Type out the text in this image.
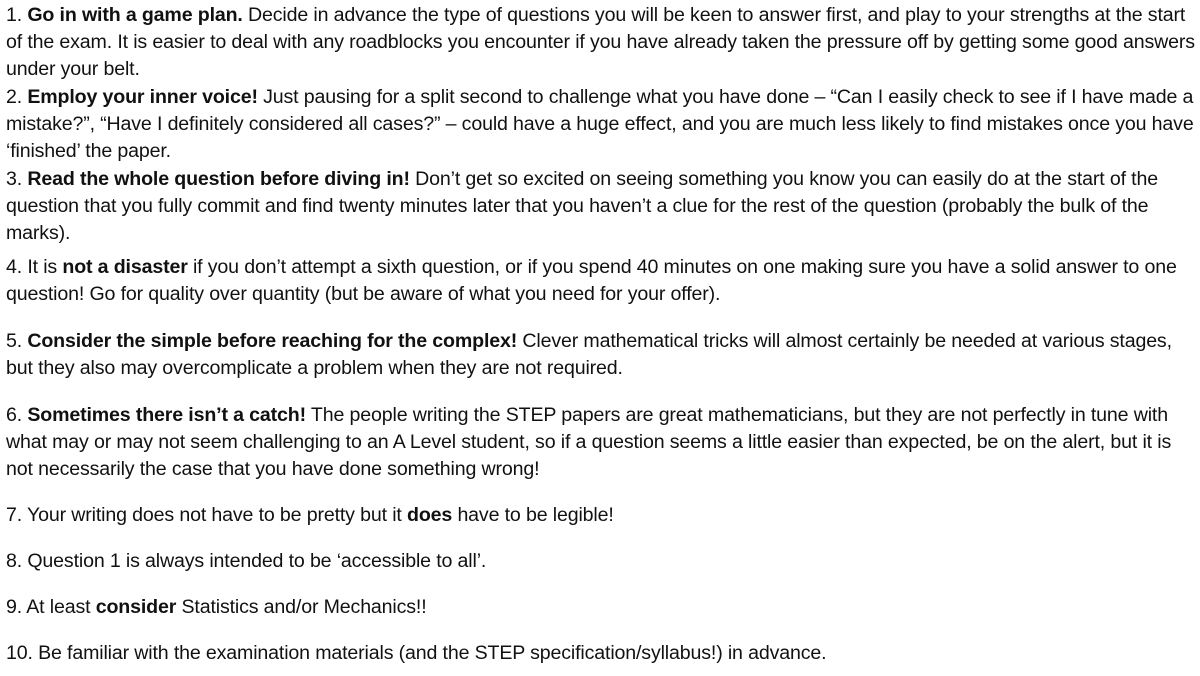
1. Go in with a game plan. Decide in advance the type of questions you will be keen to answer first, and play to your strengths at the start of the exam. It is easier to deal with any roadblocks you encounter if you have already taken the pressure off by getting some good answers under your belt.

2. Employ your inner voice! Just pausing for a split second to challenge what you have done – “Can I easily check to see if I have made a mistake?”, “Have I definitely considered all cases?” – could have a huge effect, and you are much less likely to find mistakes once you have ‘finished’ the paper.

3. Read the whole question before diving in! Don’t get so excited on seeing something you know you can easily do at the start of the question that you fully commit and find twenty minutes later that you haven’t a clue for the rest of the question (probably the bulk of the marks).

4. It is not a disaster if you don’t attempt a sixth question, or if you spend 40 minutes on one making sure you have a solid answer to one question! Go for quality over quantity (but be aware of what you need for your offer).

5. Consider the simple before reaching for the complex! Clever mathematical tricks will almost certainly be needed at various stages, but they also may overcomplicate a problem when they are not required.

6. Sometimes there isn’t a catch! The people writing the STEP papers are great mathematicians, but they are not perfectly in tune with what may or may not seem challenging to an A Level student, so if a question seems a little easier than expected, be on the alert, but it is not necessarily the case that you have done something wrong!

7. Your writing does not have to be pretty but it does have to be legible!

8. Question 1 is always intended to be ‘accessible to all’.

9. At least consider Statistics and/or Mechanics!!

10. Be familiar with the examination materials (and the STEP specification/syllabus!) in advance.
